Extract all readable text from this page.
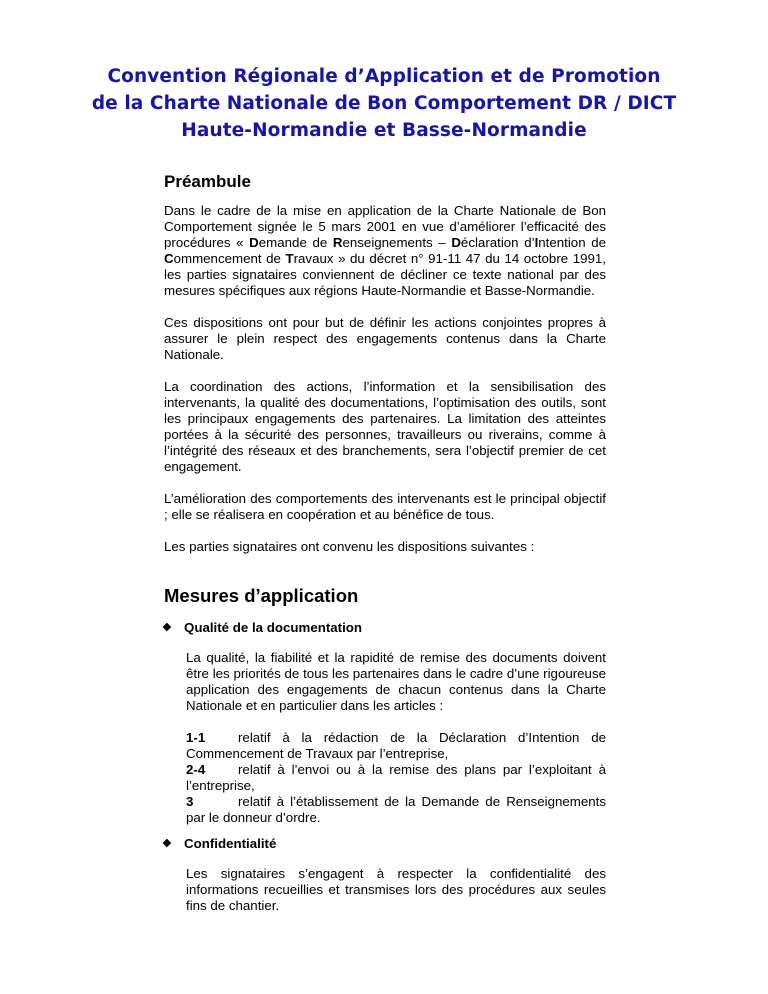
Convention Régionale d’Application et de Promotion
de la Charte Nationale de Bon Comportement DR / DICT
Haute-Normandie et Basse-Normandie
Préambule

Dans le cadre de la mise en application de la Charte Nationale de Bon Comportement signée le 5 mars 2001 en vue d’améliorer l’efficacité des procédures « Demande de Renseignements – Déclaration d’Intention de Commencement de Travaux » du décret n° 91-11 47 du 14 octobre 1991, les parties signataires conviennent de décliner ce texte national par des mesures spécifiques aux régions Haute-Normandie et Basse-Normandie.

Ces dispositions ont pour but de définir les actions conjointes propres à assurer le plein respect des engagements contenus dans la Charte Nationale.

La coordination des actions, l’information et la sensibilisation des intervenants, la qualité des documentations, l’optimisation des outils, sont les principaux engagements des partenaires. La limitation des atteintes portées à la sécurité des personnes, travailleurs ou riverains, comme à l’intégrité des réseaux et des branchements, sera l’objectif premier de cet engagement.

L’amélioration des comportements des intervenants est le principal objectif ; elle se réalisera en coopération et au bénéfice de tous.

Les parties signataires ont convenu les dispositions suivantes :

Mesures d’application
❖ Qualité de la documentation

La qualité, la fiabilité et la rapidité de remise des documents doivent être les priorités de tous les partenaires dans le cadre d’une rigoureuse application des engagements de chacun contenus dans la Charte Nationale et en particulier dans les articles :

1-1 relatif à la rédaction de la Déclaration d’Intention de Commencement de Travaux par l’entreprise,

2-4 relatif à l’envoi ou à la remise des plans par l’exploitant à l’entreprise,

3	relatif à l’établissement de la Demande de Renseignements par le donneur d’ordre.

❖ Confidentialité

Les signataires s’engagent à respecter la confidentialité des informations recueillies et transmises lors des procédures aux seules fins de chantier.
